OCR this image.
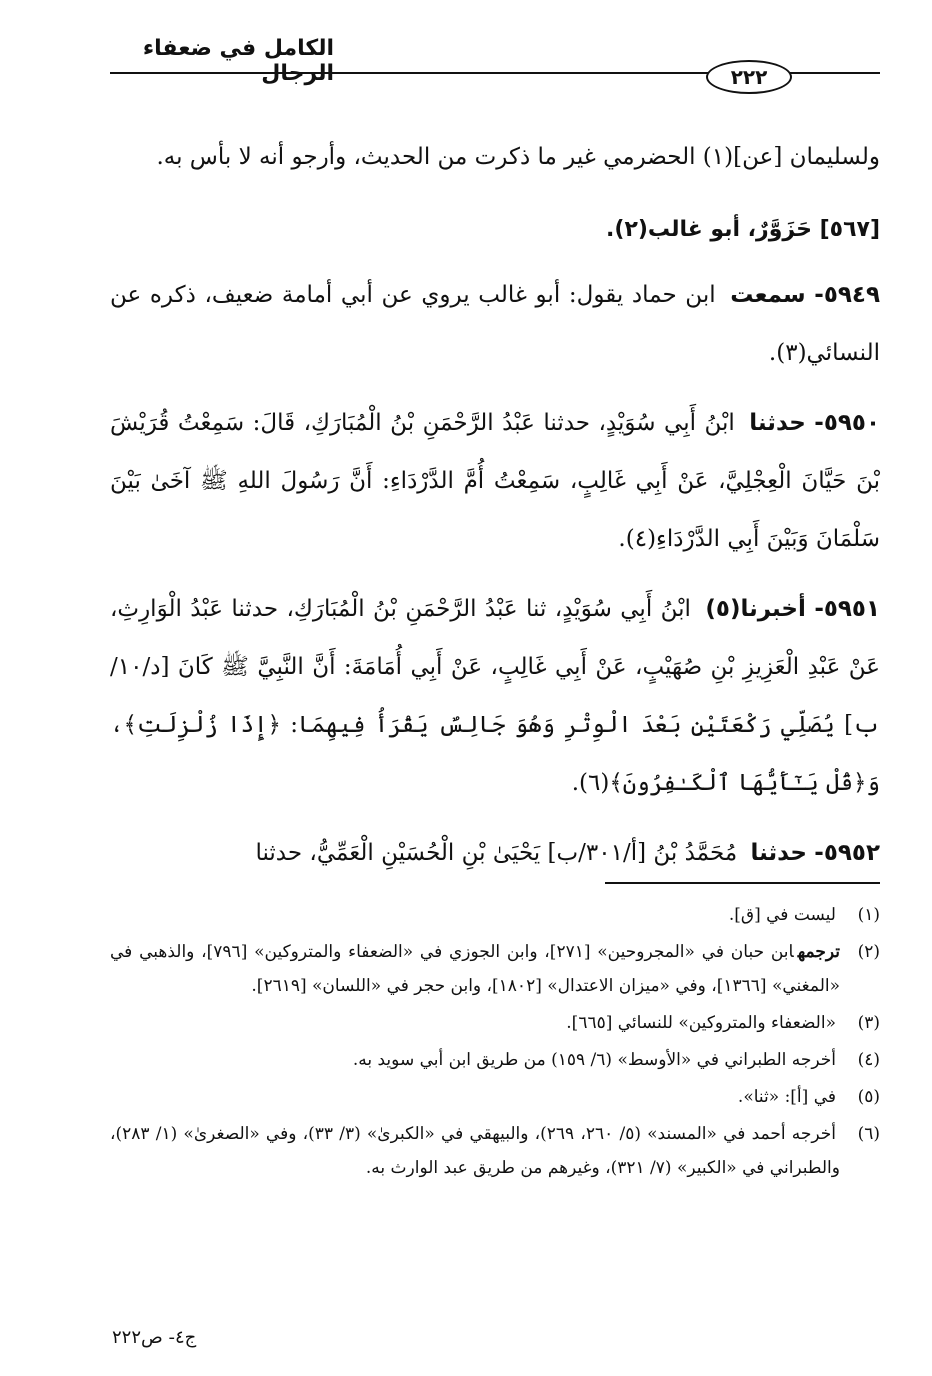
الكامل في ضعفاء الرجال	٢٢٢

ولسليمان [عن](١) الحضرمي غير ما ذكرت من الحديث، وأرجو أنه لا بأس به.

[٥٦٧] حَزَوَّرٌ، أبو غالب(٢).

٥٩٤٩- سمعت ابن حماد يقول: أبو غالب يروي عن أبي أمامة ضعيف، ذكره عن النسائي(٣).

٥٩٥٠- حدثنا ابْنُ أَبِي سُوَيْدٍ، حدثنا عَبْدُ الرَّحْمَنِ بْنُ الْمُبَارَكِ، قَالَ: سَمِعْتُ قُرَيْشَ بْنَ حَيَّانَ الْعِجْلِيَّ، عَنْ أَبِي غَالِبٍ، سَمِعْتُ أُمَّ الدَّرْدَاءِ: أَنَّ رَسُولَ اللهِ ﷺ آخَىٰ بَيْنَ سَلْمَانَ وَبَيْنَ أَبِي الدَّرْدَاءِ(٤).

٥٩٥١- أخبرنا(٥) ابْنُ أَبِي سُوَيْدٍ، ثنا عَبْدُ الرَّحْمَنِ بْنُ الْمُبَارَكِ، حدثنا عَبْدُ الْوَارِثِ، عَنْ عَبْدِ الْعَزِيزِ بْنِ صُهَيْبٍ، عَنْ أَبِي غَالِبٍ، عَنْ أَبِي أُمَامَةَ: أَنَّ النَّبِيَّ ﷺ كَانَ [د/١٠/ب] يُصَلِّي رَكْعَتَيْنِ بَعْدَ الْوِتْرِ وَهُوَ جَالِسٌ يَقْرَأُ فِيهِمَا: ﴿إِذَا زُلْزِلَتِ﴾، وَ﴿قُلْ يَـٰٓأَيُّهَا ٱلْكَـٰفِرُونَ﴾(٦).

٥٩٥٢- حدثنا مُحَمَّدُ بْنُ [أ/٣٠١/ب] يَحْيَىٰ بْنِ الْحُسَيْنِ الْعَمِّيُّ، حدثنا

(١)
ليست في [ق].
(٢)
ترجمهابن حبان في «المجروحين» [٢٧١]، وابن الجوزي في «الضعفاء والمتروكين» [٧٩٦]، والذهبي في «المغني» [١٣٦٦]، وفي «ميزان الاعتدال» [١٨٠٢]، وابن حجر في «اللسان» [٢٦١٩].
(٣)
«الضعفاء والمتروكين» للنسائي [٦٦٥].
(٤)
أخرجه الطبراني في «الأوسط» (٦/ ١٥٩) من طريق ابن أبي سويد به.
(٥)
في [أ]: «ثنا».
(٦)
أخرجه أحمد في «المسند» (٥/ ٢٦٠، ٢٦٩)، والبيهقي في «الكبرىٰ» (٣/ ٣٣)، وفي «الصغرىٰ» (١/ ٢٨٣)، والطبراني في «الكبير» (٧/ ٣٢١)، وغيرهم من طريق عبد الوارث به.
ج٤- ص٢٢٢
